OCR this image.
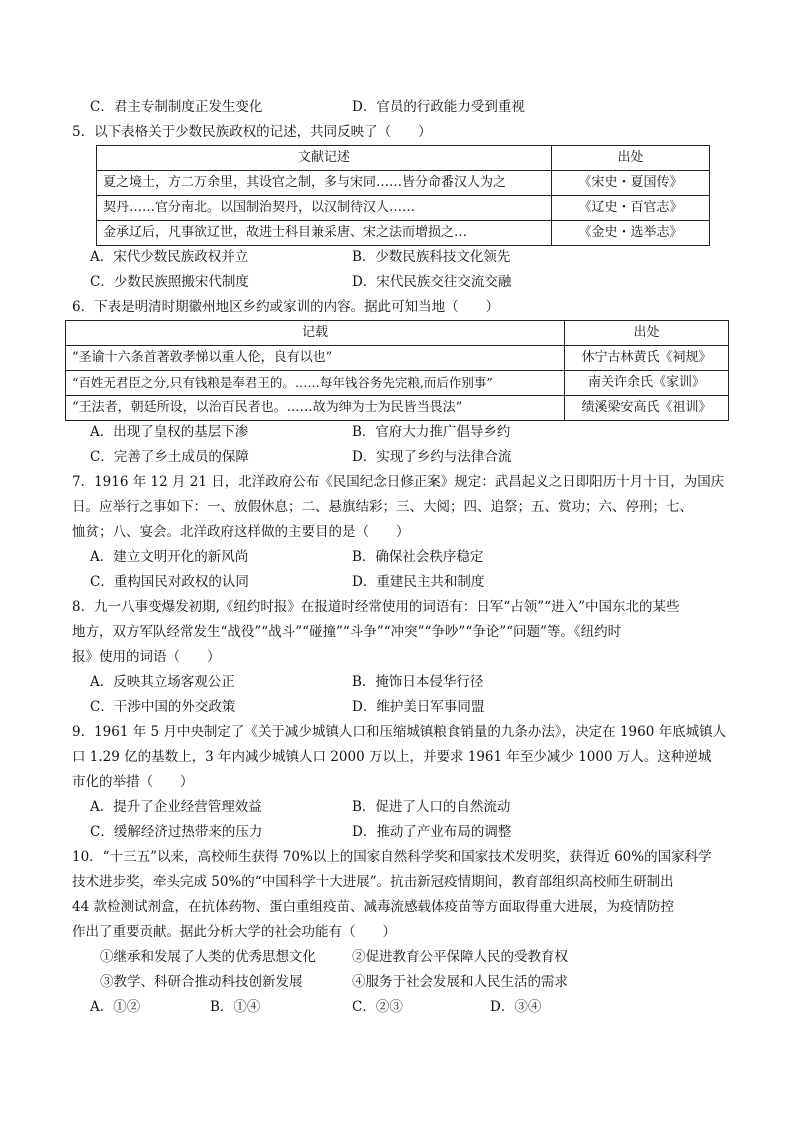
C．君主专制制度正发生变化	D．官员的行政能力受到重视
5．以下表格关于少数民族政权的记述，共同反映了（　　）
文献记述	出处
夏之境土，方二万余里，其设官之制，多与宋同……皆分命番汉人为之	《宋史・夏国传》
契丹……官分南北。以国制治契丹，以汉制待汉人……	《辽史・百官志》
金承辽后，凡事欲辽世，故进士科目兼采唐、宋之法而增损之…	《金史・选举志》
A．宋代少数民族政权并立	B．少数民族科技文化领先
C．少数民族照搬宋代制度	D．宋代民族交往交流交融
6．下表是明清时期徽州地区乡约或家训的内容。据此可知当地（　　）
记载	出处
“圣谕十六条首著敦孝悌以重人伦，良有以也”	休宁古林黄氏《祠规》
“百姓无君臣之分,只有钱粮是奉君王的。……每年钱谷务先完粮,而后作别事”	南关许余氏《家训》
“王法者，朝廷所设，以治百民者也。……故为绅为士为民皆当畏法”	绩溪梁安高氏《祖训》
A．出现了皇权的基层下渗	B．官府大力推广倡导乡约
C．完善了乡土成员的保障	D．实现了乡约与法律合流
7．1916 年 12 月 21 日，北洋政府公布《民国纪念日修正案》规定：武昌起义之日即阳历十月十日，为国庆
日。应举行之事如下：一、放假休息；二、悬旗结彩；三、大阅；四、追祭；五、赏功；六、停刑；七、
恤贫；八、宴会。北洋政府这样做的主要目的是（　　）
A．建立文明开化的新风尚	B．确保社会秩序稳定
C．重构国民对政权的认同	D．重建民主共和制度
8．九一八事变爆发初期,《纽约时报》在报道时经常使用的词语有：日军“占领”“进入”中国东北的某些
地方，双方军队经常发生“战役”“战斗”“碰撞”“斗争”“冲突”“争吵”“争论”“问题”等。《纽约时
报》使用的词语（　　）
A．反映其立场客观公正	B．掩饰日本侵华行径
C．干涉中国的外交政策	D．维护美日军事同盟
9．1961 年 5 月中央制定了《关于减少城镇人口和压缩城镇粮食销量的九条办法》，决定在 1960 年底城镇人
口 1.29 亿的基数上，3 年内减少城镇人口 2000 万以上，并要求 1961 年至少减少 1000 万人。这种逆城
市化的举措（　　）
A．提升了企业经营管理效益	B．促进了人口的自然流动
C．缓解经济过热带来的压力	D．推动了产业布局的调整
10．“十三五”以来，高校师生获得 70%以上的国家自然科学奖和国家技术发明奖，获得近 60%的国家科学
技术进步奖，牵头完成 50%的“中国科学十大进展”。抗击新冠疫情期间，教育部组织高校师生研制出
44 款检测试剂盒，在抗体药物、蛋白重组疫苗、减毒流感载体疫苗等方面取得重大进展，为疫情防控
作出了重要贡献。据此分析大学的社会功能有（　　）
①继承和发展了人类的优秀思想文化	②促进教育公平保障人民的受教育权
③教学、科研合推动科技创新发展	④服务于社会发展和人民生活的需求
A．①②	B．①④	C．②③	D．③④
